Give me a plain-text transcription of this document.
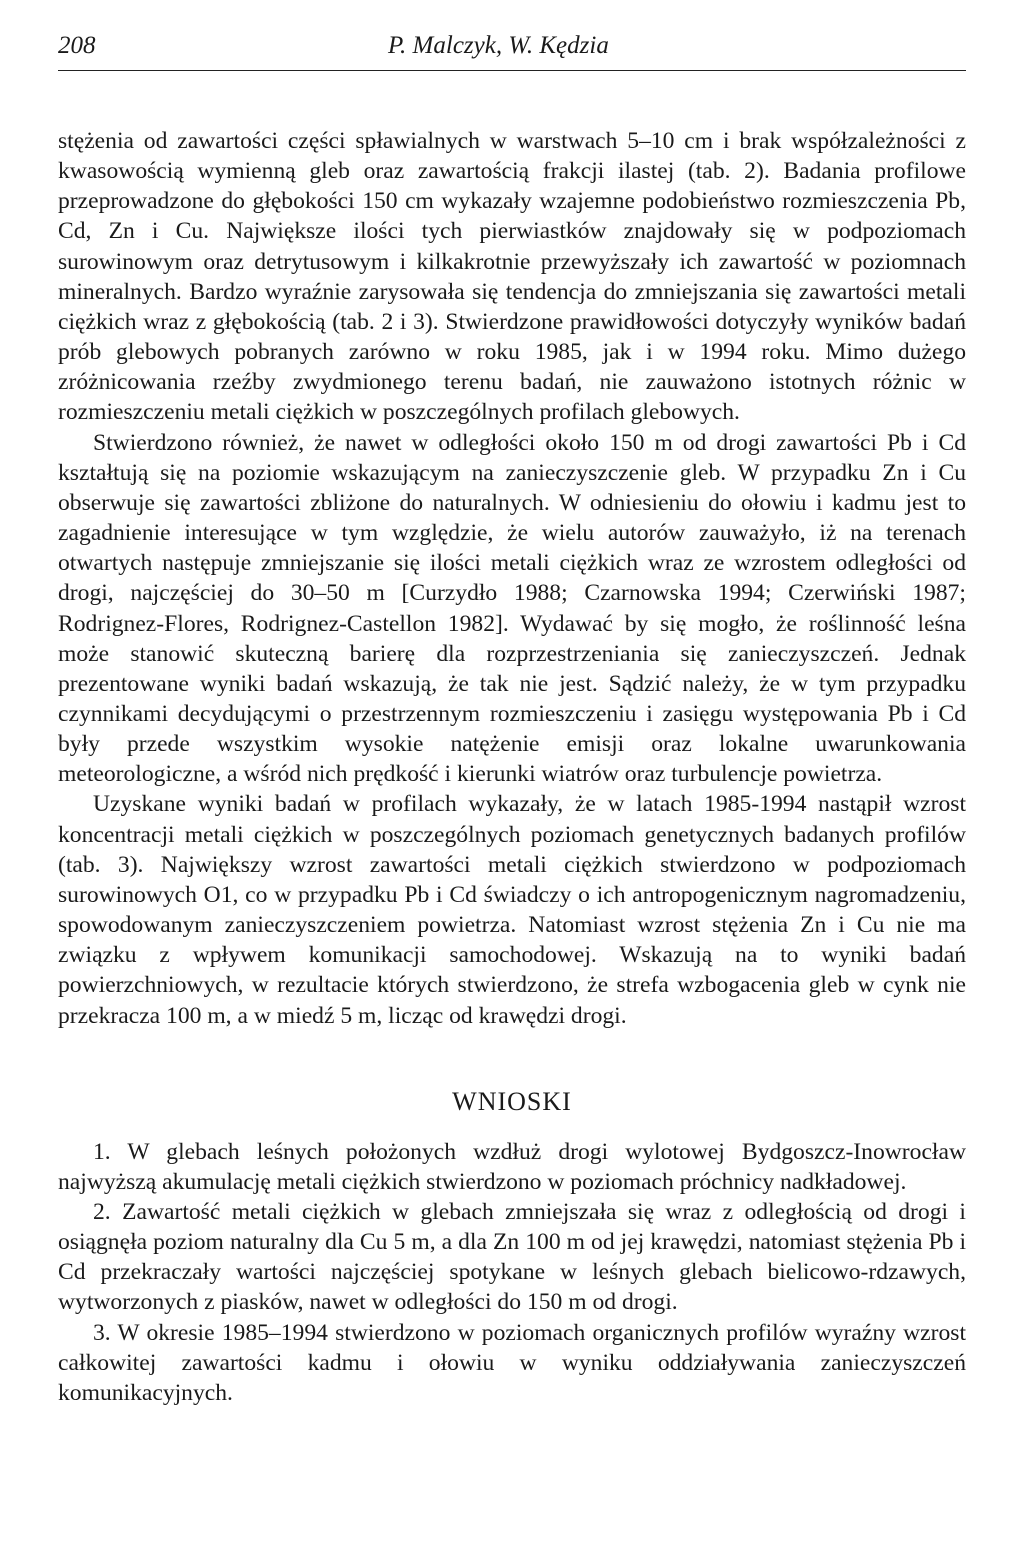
208	P. Malczyk, W. Kędzia

stężenia od zawartości części spławialnych w warstwach 5–10 cm i brak współzależności z kwasowością wymienną gleb oraz zawartością frakcji ilastej (tab. 2). Badania profilowe przeprowadzone do głębokości 150 cm wykazały wzajemne podobieństwo rozmieszczenia Pb, Cd, Zn i Cu. Największe ilości tych pierwiastków znajdowały się w podpoziomach surowinowym oraz detrytusowym i kilkakrotnie przewyższały ich zawartość w poziomnach mineralnych. Bardzo wyraźnie zarysowała się tendencja do zmniejszania się zawartości metali ciężkich wraz z głębokością (tab. 2 i 3). Stwierdzone prawidłowości dotyczyły wyników badań prób glebowych pobranych zarówno w roku 1985, jak i w 1994 roku. Mimo dużego zróżnicowania rzeźby zwydmionego terenu badań, nie zauważono istotnych różnic w rozmieszczeniu metali ciężkich w poszczególnych profilach glebowych.

Stwierdzono również, że nawet w odległości około 150 m od drogi zawartości Pb i Cd kształtują się na poziomie wskazującym na zanieczyszczenie gleb. W przypadku Zn i Cu obserwuje się zawartości zbliżone do naturalnych. W odniesieniu do ołowiu i kadmu jest to zagadnienie interesujące w tym względzie, że wielu autorów zauważyło, iż na terenach otwartych następuje zmniejszanie się ilości metali ciężkich wraz ze wzrostem odległości od drogi, najczęściej do 30–50 m [Curzydło 1988; Czarnowska 1994; Czerwiński 1987; Rodrignez-Flores, Rodrignez-Castellon 1982]. Wydawać by się mogło, że roślinność leśna może stanowić skuteczną barierę dla rozprzestrzeniania się zanieczyszczeń. Jednak prezentowane wyniki badań wskazują, że tak nie jest. Sądzić należy, że w tym przypadku czynnikami decydującymi o przestrzennym rozmieszczeniu i zasięgu występowania Pb i Cd były przede wszystkim wysokie natężenie emisji oraz lokalne uwarunkowania meteorologiczne, a wśród nich prędkość i kierunki wiatrów oraz turbulencje powietrza.

Uzyskane wyniki badań w profilach wykazały, że w latach 1985-1994 nastąpił wzrost koncentracji metali ciężkich w poszczególnych poziomach genetycznych badanych profilów (tab. 3). Największy wzrost zawartości metali ciężkich stwierdzono w podpoziomach surowinowych O1, co w przypadku Pb i Cd świadczy o ich antropogenicznym nagromadzeniu, spowodowanym zanieczyszczeniem powietrza. Natomiast wzrost stężenia Zn i Cu nie ma związku z wpływem komunikacji samochodowej. Wskazują na to wyniki badań powierzchniowych, w rezultacie których stwierdzono, że strefa wzbogacenia gleb w cynk nie przekracza 100 m, a w miedź 5 m, licząc od krawędzi drogi.

WNIOSKI

1. W glebach leśnych położonych wzdłuż drogi wylotowej Bydgoszcz-Inowrocław najwyższą akumulację metali ciężkich stwierdzono w poziomach próchnicy nadkładowej.

2. Zawartość metali ciężkich w glebach zmniejszała się wraz z odległością od drogi i osiągnęła poziom naturalny dla Cu 5 m, a dla Zn 100 m od jej krawędzi, natomiast stężenia Pb i Cd przekraczały wartości najczęściej spotykane w leśnych glebach bielicowo-rdzawych, wytworzonych z piasków, nawet w odległości do 150 m od drogi.

3. W okresie 1985–1994 stwierdzono w poziomach organicznych profilów wyraźny wzrost całkowitej zawartości kadmu i ołowiu w wyniku oddziaływania zanieczyszczeń komunikacyjnych.
